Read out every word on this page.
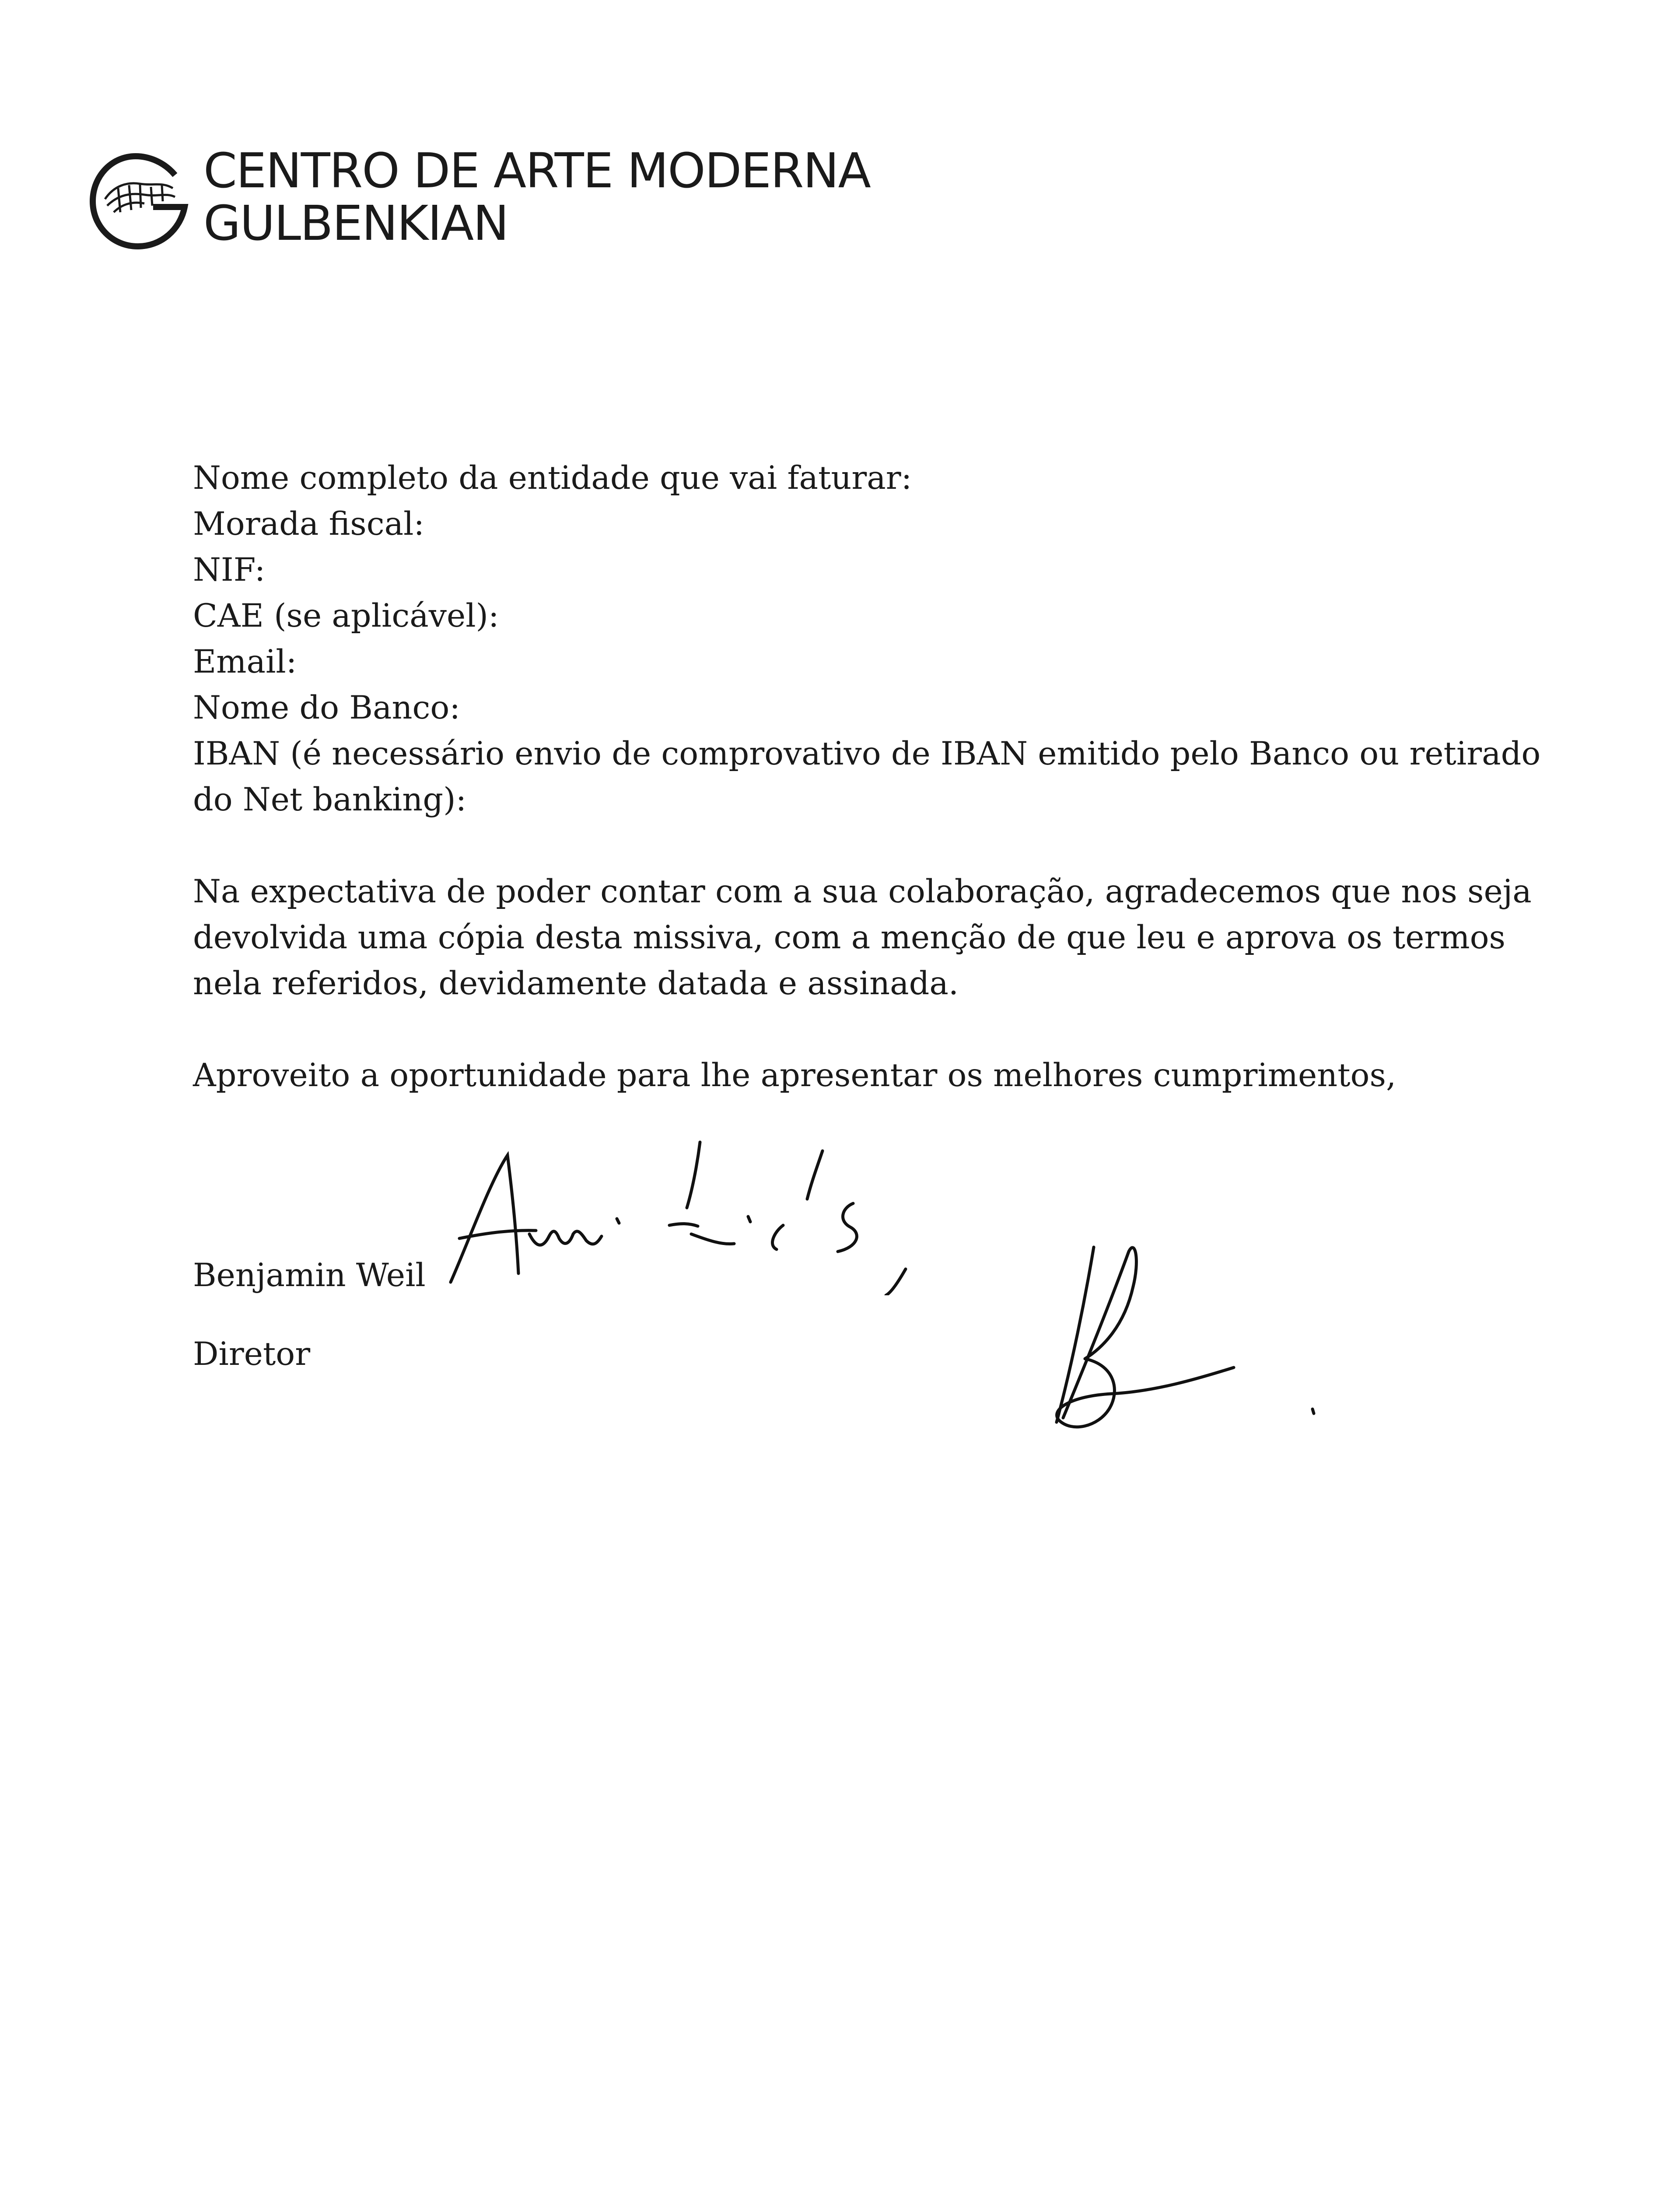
CENTRO DE ARTE MODERNA
GULBENKIAN
Nome completo da entidade que vai faturar:
Morada fiscal:
NIF:
CAE (se aplicável):
Email:
Nome do Banco:
IBAN (é necessário envio de comprovativo de IBAN emitido pelo Banco ou retirado
do Net banking):
Na expectativa de poder contar com a sua colaboração, agradecemos que nos seja
devolvida uma cópia desta missiva, com a menção de que leu e aprova os termos
nela referidos, devidamente datada e assinada.
Aproveito a oportunidade para lhe apresentar os melhores cumprimentos,
Benjamin Weil
Diretor
